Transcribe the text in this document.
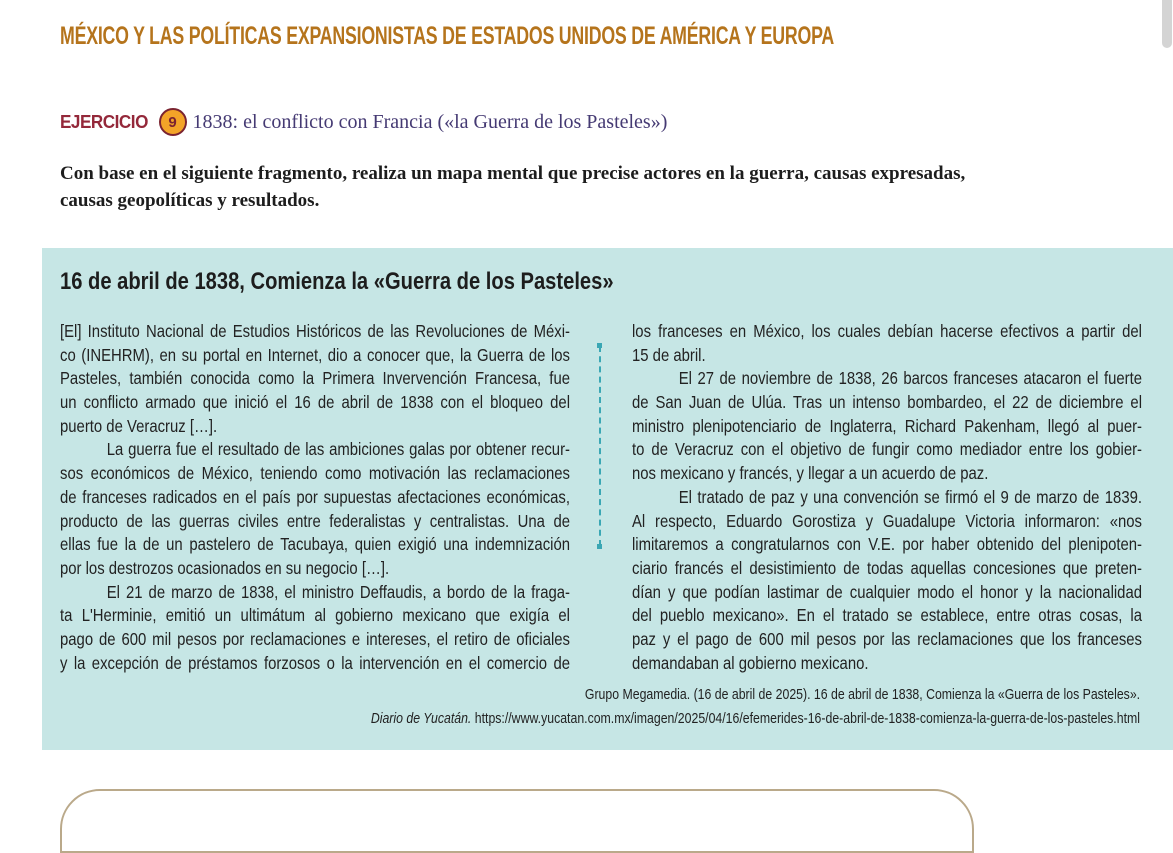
MÉXICO Y LAS POLÍTICAS EXPANSIONISTAS DE ESTADOS UNIDOS DE AMÉRICA Y EUROPA
EJERCICIO	9 1838: el conflicto con Francia («la Guerra de los Pasteles»)
Con base en el siguiente fragmento, realiza un mapa mental que precise actores en la guerra, causas expresadas, causas geopolíticas y resultados.
16 de abril de 1838, Comienza la «Guerra de los Pasteles»
[El] Instituto Nacional de Estudios Históricos de las Revoluciones de Méxi-
co (INEHRM), en su portal en Internet, dio a conocer que, la Guerra de los
Pasteles, también conocida como la Primera Invervención Francesa, fue
un conflicto armado que inició el 16 de abril de 1838 con el bloqueo del
puerto de Veracruz […].
La guerra fue el resultado de las ambiciones galas por obtener recur-
sos económicos de México, teniendo como motivación las reclamaciones
de franceses radicados en el país por supuestas afectaciones económicas,
producto de las guerras civiles entre federalistas y centralistas. Una de
ellas fue la de un pastelero de Tacubaya, quien exigió una indemnización
por los destrozos ocasionados en su negocio […].
El 21 de marzo de 1838, el ministro Deffaudis, a bordo de la fraga-
ta L'Herminie, emitió un ultimátum al gobierno mexicano que exigía el
pago de 600 mil pesos por reclamaciones e intereses, el retiro de oficiales
y la excepción de préstamos forzosos o la intervención en el comercio de
los franceses en México, los cuales debían hacerse efectivos a partir del
15 de abril.
El 27 de noviembre de 1838, 26 barcos franceses atacaron el fuerte
de San Juan de Ulúa. Tras un intenso bombardeo, el 22 de diciembre el
ministro plenipotenciario de Inglaterra, Richard Pakenham, llegó al puer-
to de Veracruz con el objetivo de fungir como mediador entre los gobier-
nos mexicano y francés, y llegar a un acuerdo de paz.
El tratado de paz y una convención se firmó el 9 de marzo de 1839.
Al respecto, Eduardo Gorostiza y Guadalupe Victoria informaron: «nos
limitaremos a congratularnos con V.E. por haber obtenido del plenipoten-
ciario francés el desistimiento de todas aquellas concesiones que preten-
dían y que podían lastimar de cualquier modo el honor y la nacionalidad
del pueblo mexicano». En el tratado se establece, entre otras cosas, la
paz y el pago de 600 mil pesos por las reclamaciones que los franceses
demandaban al gobierno mexicano.
Grupo Megamedia. (16 de abril de 2025). 16 de abril de 1838, Comienza la «Guerra de los Pasteles».
Diario de Yucatán. https://www.yucatan.com.mx/imagen/2025/04/16/efemerides-16-de-abril-de-1838-comienza-la-guerra-de-los-pasteles.html
